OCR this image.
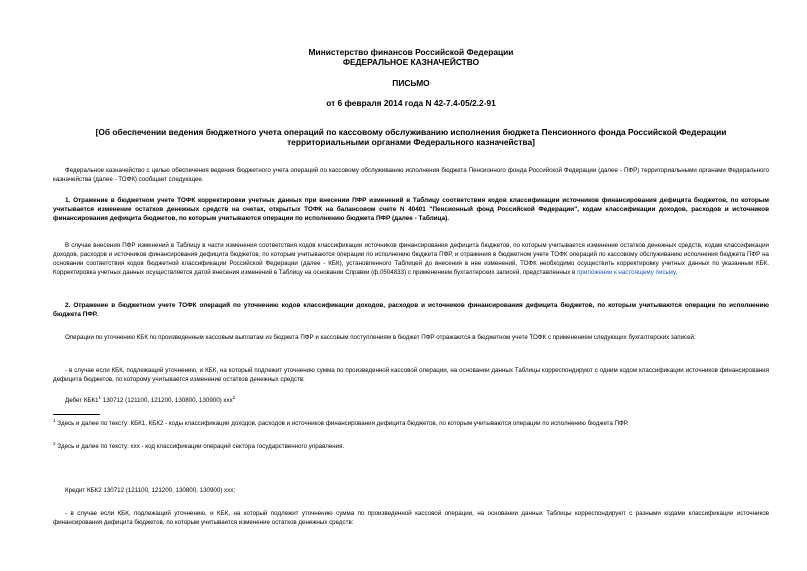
Министерство финансов Российской Федерации

ФЕДЕРАЛЬНОЕ КАЗНАЧЕЙСТВО

ПИСЬМО

от 6 февраля 2014 года N 42-7.4-05/2.2-91

[Об обеспечении ведения бюджетного учета операций по кассовому обслуживанию исполнения бюджета Пенсионного фонда Российской Федерации

территориальными органами Федерального казначейства]

Федеральное казначейство с целью обеспечения ведения бюджетного учета операций по кассовому обслуживанию исполнения бюджета Пенсионного фонда Российской Федерации (далее - ПФР) территориальными органами Федерального казначейства (далее - ТОФК) сообщает следующее.

1. Отражение в бюджетном учете ТОФК корректировки учетных данных при внесении ПФР изменений в Таблицу соответствия кодов классификации источников финансирования дефицита бюджетов, по которым учитывается изменение остатков денежных средств на счетах, открытых ТОФК на балансовом счете N 40401 "Пенсионный фонд Российской Федерации", кодам классификации доходов, расходов и источников финансирования дефицита бюджетов, по которым учитываются операции по исполнению бюджета ПФР (далее - Таблица).

В случае внесения ПФР изменений в Таблицу в части изменения соответствия кодов классификации источников финансирования дефицита бюджетов, по которым учитывается изменение остатков денежных средств, кодам классификации доходов, расходов и источников финансирования дефицита бюджетов, по которым учитываются операции по исполнению бюджета ПФР, и отражения в бюджетном учете ТОФК операций по кассовому обслуживанию исполнения бюджета ПФР на основании соответствия кодов бюджетной классификации Российской Федерации (далее - КБК), установленного Таблицей до внесения в нее изменений, ТОФК необходимо осуществить корректировку учетных данных по указанным КБК. Корректировка учетных данных осуществляется датой внесения изменений в Таблицу на основании Справки (ф.0504833) с применением бухгалтерских записей, представленных в приложении к настоящему письму.

2. Отражение в бюджетном учете ТОФК операций по уточнению кодов классификации доходов, расходов и источников финансирования дефицита бюджетов, по которым учитываются операции по исполнению бюджета ПФР.

Операции по уточнению КБК по произведенным кассовым выплатам из бюджета ПФР и кассовым поступлениям в бюджет ПФР отражаются в бюджетном учете ТОФК с применением следующих бухгалтерских записей:

- в случае если КБК, подлежащий уточнению, и КБК, на который подлежит уточнению сумма по произведенной кассовой операции, на основании данных Таблицы корреспондируют с одним кодом классификации источников финансирования дефицита бюджетов, по которому учитывается изменение остатков денежных средств:

Дебет $КБК1^1$ 130712 (121100, 121200, 130800, 130900) ххх$^2$

$^1$ Здесь и далее по тексту: КБК1, КБК2 - коды классификации доходов, расходов и источников финансирования дефицита бюджетов, по которым учитываются операции по исполнению бюджета ПФР.

$^2$ Здесь и далее по тексту: ххх - код классификации операций сектора государственного управления.

Кредит КБК2 130712 (121100, 121200, 130800, 130900) ххх;

- в случае если КБК, подлежащий уточнению, и КБК, на который подлежит уточнению сумма по произведенной кассовой операции, на основании данных Таблицы корреспондируют с разными кодами классификации источников финансирования дефицита бюджетов, по которым учитывается изменение остатков денежных средств:
